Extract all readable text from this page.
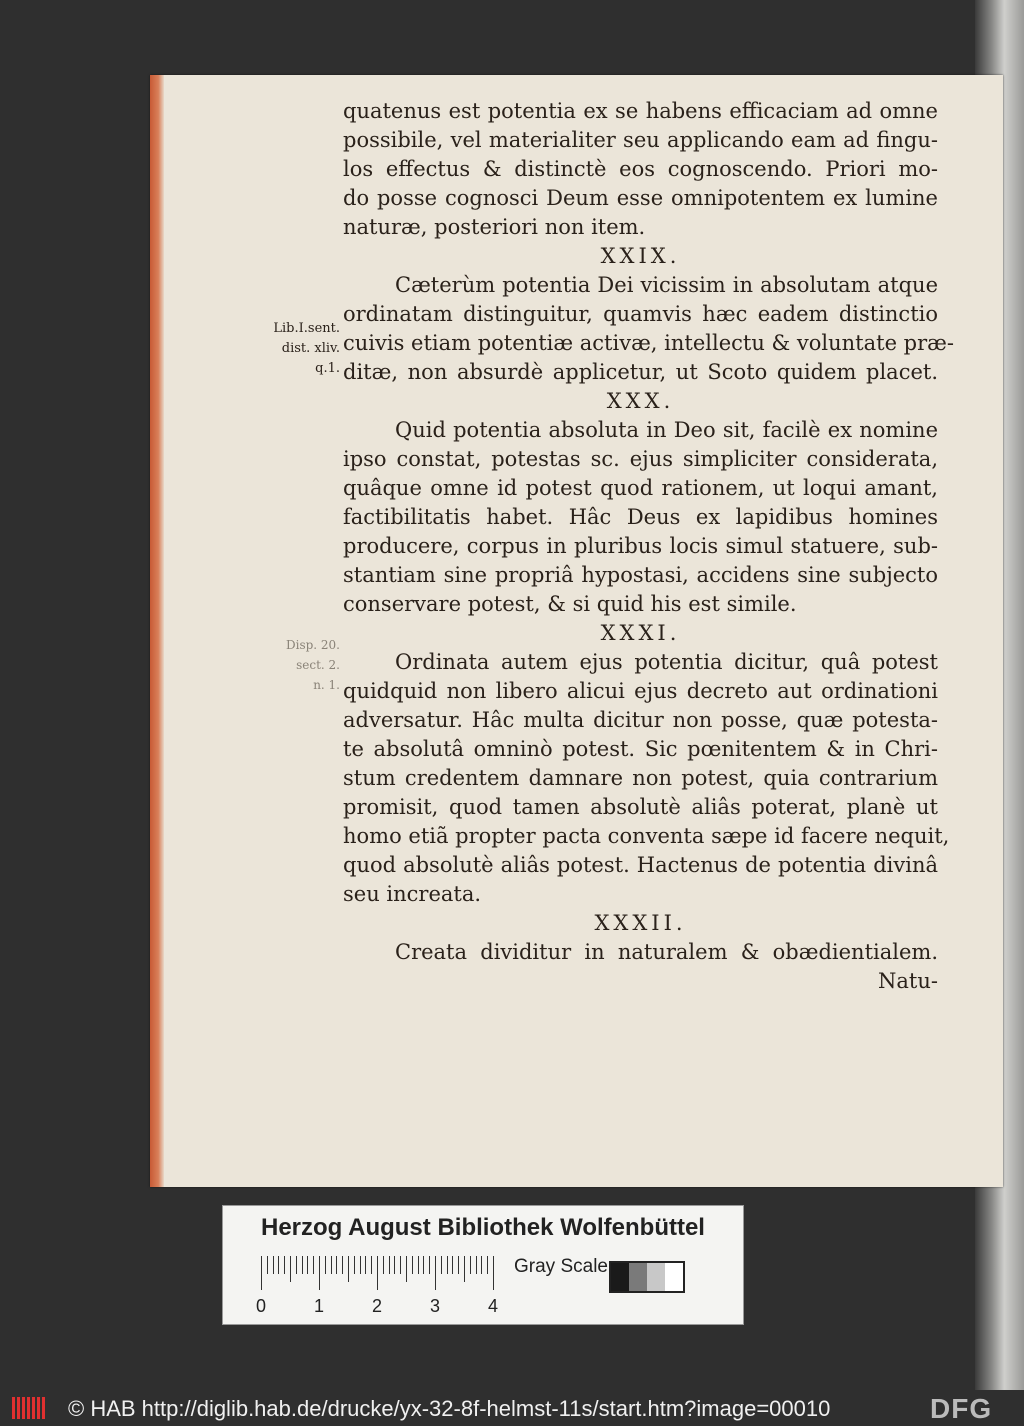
quatenus est potentia ex se habens efficaciam ad omne
possibile, vel materialiter seu applicando eam ad fingu-
los effectus & distinctè eos cognoscendo. Priori mo-
do posse cognosci Deum esse omnipotentem ex lumine
naturæ, posteriori non item.
XXIX.
Cæterùm potentia Dei vicissim in absolutam atque
ordinatam distinguitur, quamvis hæc eadem distinctio
cuivis etiam potentiæ activæ, intellectu & voluntate præ-
ditæ, non absurdè applicetur, ut Scoto quidem placet.
XXX.
Quid potentia absoluta in Deo sit, facilè ex nomine
ipso constat, potestas sc. ejus simpliciter considerata,
quâque omne id potest quod rationem, ut loqui amant,
factibilitatis habet. Hâc Deus ex lapidibus homines
producere, corpus in pluribus locis simul statuere, sub-
stantiam sine propriâ hypostasi, accidens sine subjecto
conservare potest, & si quid his est simile.
XXXI.
Ordinata autem ejus potentia dicitur, quâ potest
quidquid non libero alicui ejus decreto aut ordinationi
adversatur. Hâc multa dicitur non posse, quæ potesta-
te absolutâ omninò potest. Sic pœnitentem & in Chri-
stum credentem damnare non potest, quia contrarium
promisit, quod tamen absolutè aliâs poterat, planè ut
homo etiã propter pacta conventa sæpe id facere nequit,
quod absolutè aliâs potest. Hactenus de potentia divinâ
seu increata.
XXXII.
Creata dividitur in naturalem & obædientialem.
Natu-
Lib.I.sent.
dist. xliv.
q.1.
Disp. 20.
sect. 2.
n. 1.
Herzog August Bibliothek Wolfenbüttel
0	1	2	3	4
Gray Scale
© HAB http://diglib.hab.de/drucke/yx-32-8f-helmst-11s/start.htm?image=00010	DFG
